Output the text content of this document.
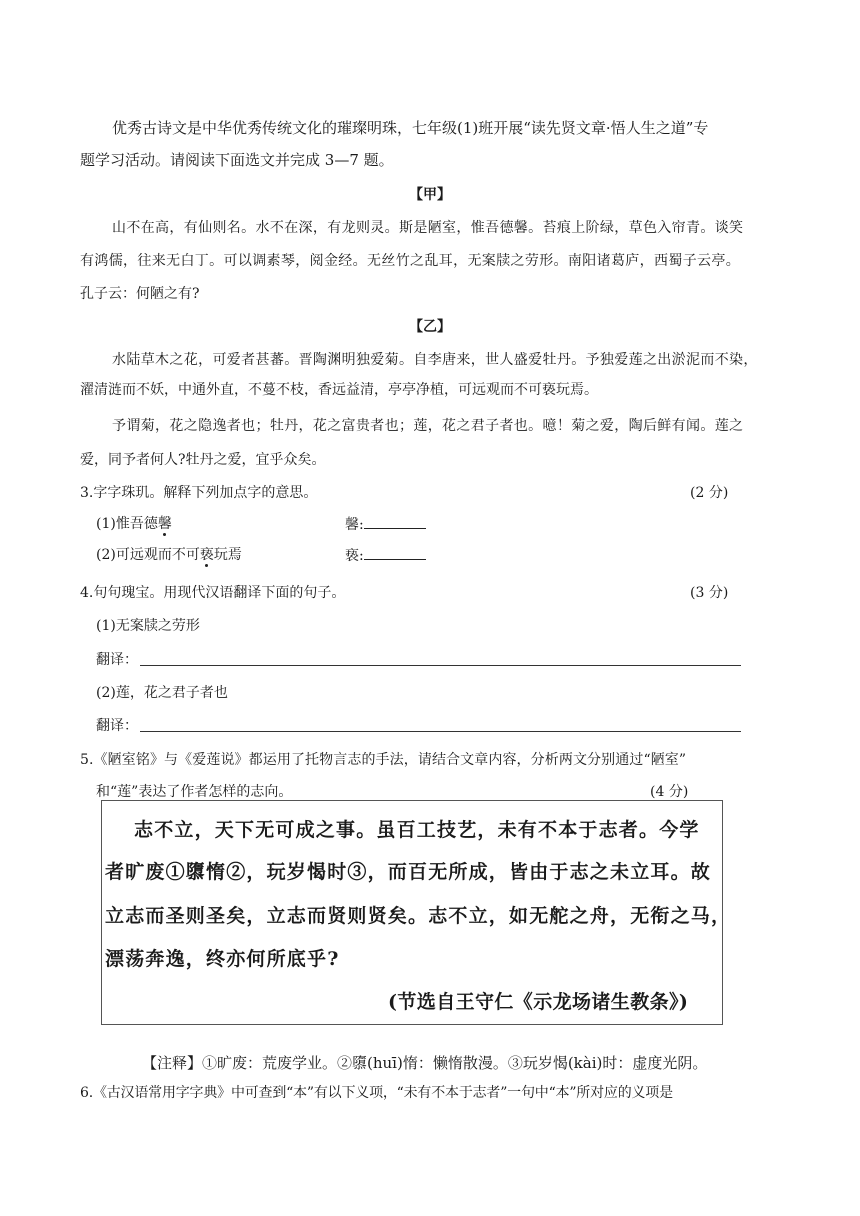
优秀古诗文是中华优秀传统文化的璀璨明珠，七年级(1)班开展“读先贤文章·悟人生之道”专
题学习活动。请阅读下面选文并完成 3—7 题。
【甲】
山不在高，有仙则名。水不在深，有龙则灵。斯是陋室，惟吾德馨。苔痕上阶绿，草色入帘青。谈笑
有鸿儒，往来无白丁。可以调素琴，阅金经。无丝竹之乱耳，无案牍之劳形。南阳诸葛庐，西蜀子云亭。
孔子云：何陋之有?
【乙】
水陆草木之花，可爱者甚蕃。晋陶渊明独爱菊。自李唐来，世人盛爱牡丹。予独爱莲之出淤泥而不染，
濯清涟而不妖，中通外直，不蔓不枝，香远益清，亭亭净植，可远观而不可亵玩焉。
予谓菊，花之隐逸者也；牡丹，花之富贵者也；莲，花之君子者也。噫！菊之爱，陶后鲜有闻。莲之
爱，同予者何人?牡丹之爱，宜乎众矣。
3.字字珠玑。解释下列加点字的意思。	(2 分)
(1)惟吾德馨	馨:
(2)可远观而不可亵玩焉	亵:
4.句句瑰宝。用现代汉语翻译下面的句子。	(3 分)
(1)无案牍之劳形
翻译：
(2)莲，花之君子者也
翻译：
5.《陋室铭》与《爱莲说》都运用了托物言志的手法，请结合文章内容，分析两文分别通过“陋室”
和“莲”表达了作者怎样的志向。	(4 分)
志不立，天下无可成之事。虽百工技艺，未有不本于志者。今学
者旷废①隳惰②，玩岁愒时③，而百无所成，皆由于志之未立耳。故
立志而圣则圣矣，立志而贤则贤矣。志不立，如无舵之舟，无衔之马，
漂荡奔逸，终亦何所底乎?
(节选自王守仁《示龙场诸生教条》)
【注释】①旷废：荒废学业。②隳(huī)惰：懒惰散漫。③玩岁愒(kài)时：虚度光阴。
6.《古汉语常用字字典》中可查到“本”有以下义项，“未有不本于志者”一句中“本”所对应的义项是
